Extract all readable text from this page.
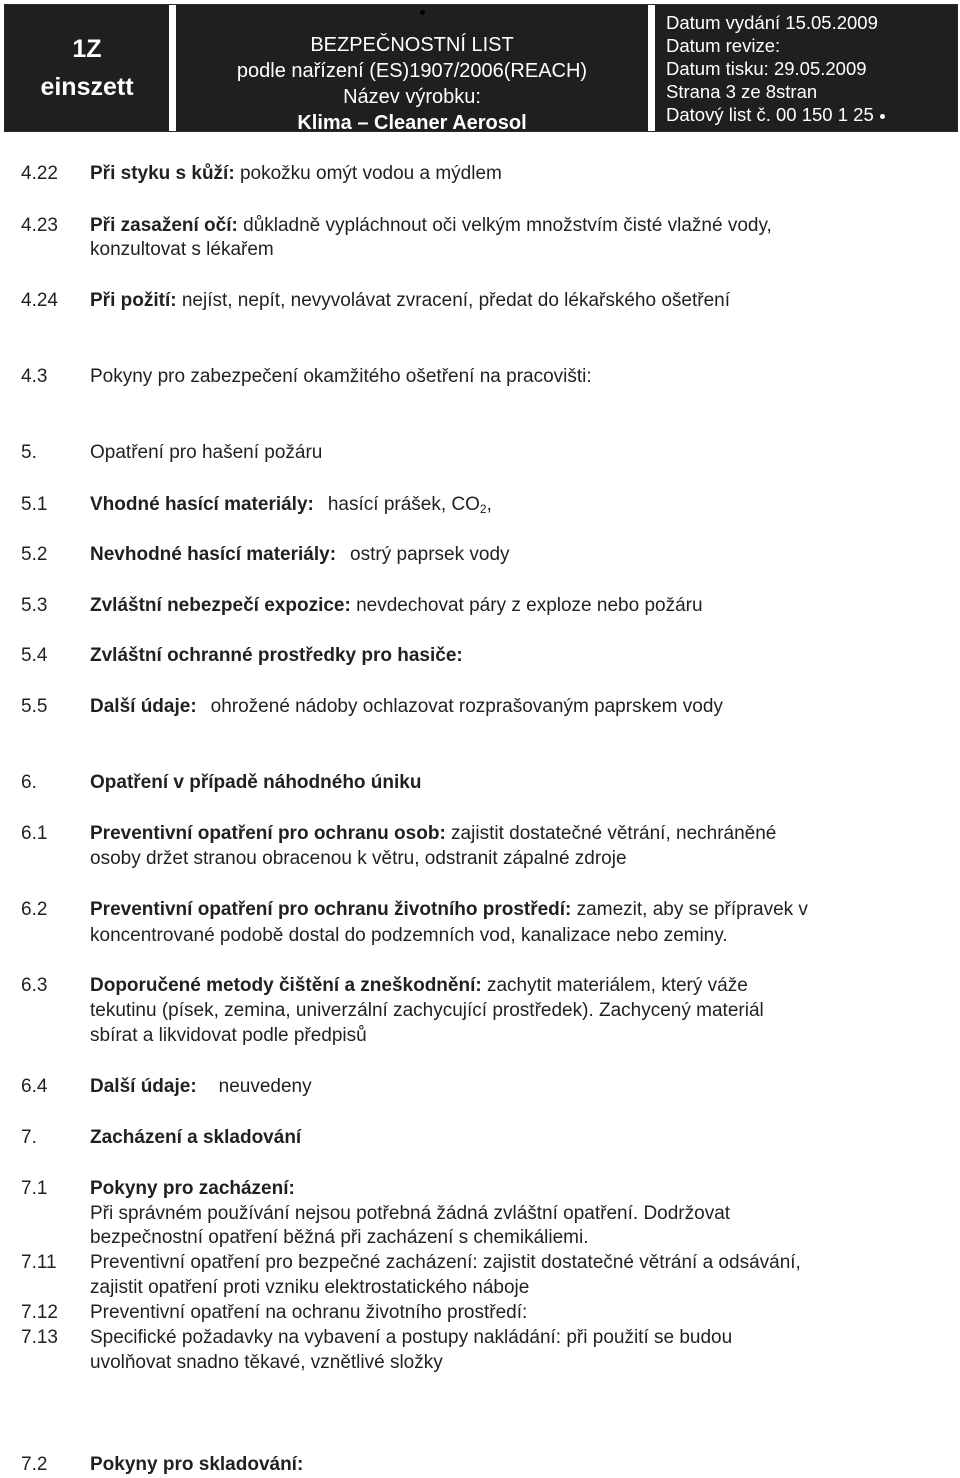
1Z
einszett
BEZPEČNOSTNÍ LIST
podle nařízení (ES)1907/2006(REACH)
Název výrobku:
Klima – Cleaner Aerosol
Datum vydání 15.05.2009
Datum revize:
Datum tisku: 29.05.2009
Strana 3 ze 8stran
Datový list č. 00 150 1 25
4.22 Při styku s kůží: pokožku omýt vodou a mýdlem
4.23 Při zasažení očí: důkladně vypláchnout oči velkým množstvím čisté vlažné vody,
konzultovat s lékařem
4.24 Při požití: nejíst, nepít, nevyvolávat zvracení, předat do lékařského ošetření
4.3 Pokyny pro zabezpečení okamžitého ošetření na pracovišti:
5.	Opatření pro hašení požáru
5.1 Vhodné hasící materiály: hasící prášek, $CO_2$,
5.2 Nevhodné hasící materiály: ostrý paprsek vody
5.3 Zvláštní nebezpečí expozice: nevdechovat páry z exploze nebo požáru
5.4 Zvláštní ochranné prostředky pro hasiče:
5.5 Další údaje: ohrožené nádoby ochlazovat rozprašovaným paprskem vody
6.	Opatření v případě náhodného úniku
6.1 Preventivní opatření pro ochranu osob: zajistit dostatečné větrání, nechráněné
osoby držet stranou obracenou k větru, odstranit zápalné zdroje
6.2 Preventivní opatření pro ochranu životního prostředí: zamezit, aby se přípravek v
koncentrované podobě dostal do podzemních vod, kanalizace nebo zeminy.
6.3 Doporučené metody čištění a zneškodnění: zachytit materiálem, který váže
tekutinu (písek, zemina, univerzální zachycující prostředek). Zachycený materiál
sbírat a likvidovat podle předpisů
6.4 Další údaje: neuvedeny
7.	Zacházení a skladování
7.1 Pokyny pro zacházení:
Při správném používání nejsou potřebná žádná zvláštní opatření. Dodržovat
bezpečnostní opatření běžná při zacházení s chemikáliemi.
7.11 Preventivní opatření pro bezpečné zacházení: zajistit dostatečné větrání a odsávání,
zajistit opatření proti vzniku elektrostatického náboje
7.12 Preventivní opatření na ochranu životního prostředí:
7.13 Specifické požadavky na vybavení a postupy nakládání: při použití se budou
uvolňovat snadno těkavé, vznětlivé složky
7.2 Pokyny pro skladování:
